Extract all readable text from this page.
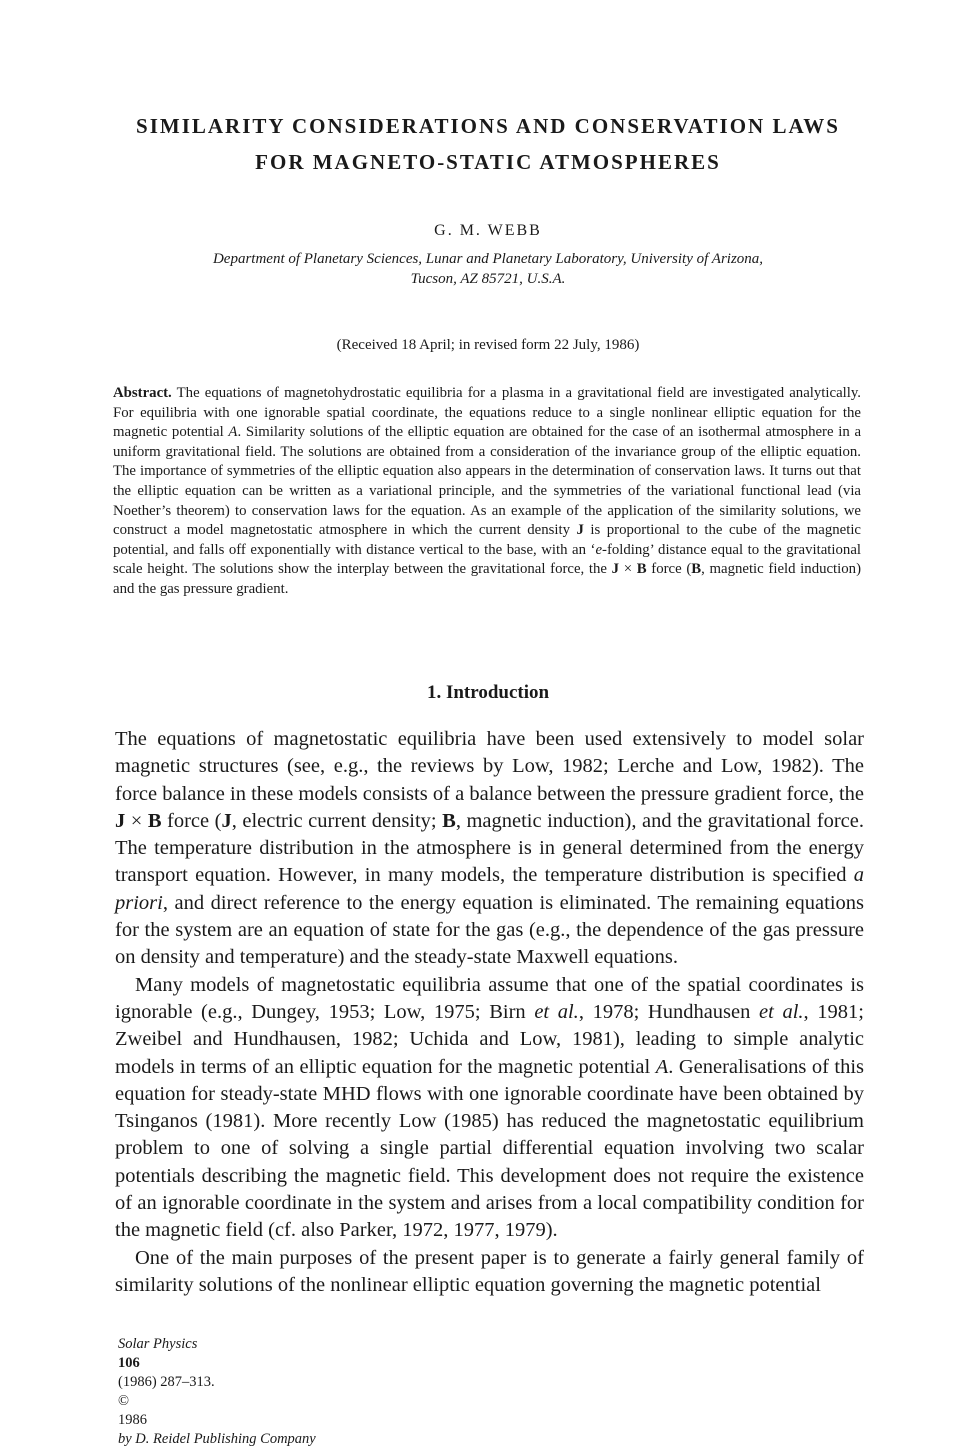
SIMILARITY CONSIDERATIONS AND CONSERVATION LAWS
FOR MAGNETO-STATIC ATMOSPHERES

G. M. WEBB

Department of Planetary Sciences, Lunar and Planetary Laboratory, University of Arizona,
Tucson, AZ 85721, U.S.A.

(Received 18 April; in revised form 22 July, 1986)

Abstract. The equations of magnetohydrostatic equilibria for a plasma in a gravitational field are investigated analytically. For equilibria with one ignorable spatial coordinate, the equations reduce to a single nonlinear elliptic equation for the magnetic potential A. Similarity solutions of the elliptic equation are obtained for the case of an isothermal atmosphere in a uniform gravitational field. The solutions are obtained from a consideration of the invariance group of the elliptic equation. The importance of symmetries of the elliptic equation also appears in the determination of conservation laws. It turns out that the elliptic equation can be written as a variational principle, and the symmetries of the variational functional lead (via Noether’s theorem) to conservation laws for the equation. As an example of the application of the similarity solutions, we construct a model magnetostatic atmosphere in which the current density J is proportional to the cube of the magnetic potential, and falls off exponentially with distance vertical to the base, with an ‘e-folding’ distance equal to the gravitational scale height. The solutions show the interplay between the gravitational force, the J × B force (B, magnetic field induction) and the gas pressure gradient.

1. Introduction

The equations of magnetostatic equilibria have been used extensively to model solar magnetic structures (see, e.g., the reviews by Low, 1982; Lerche and Low, 1982). The force balance in these models consists of a balance between the pressure gradient force, the J × B force (J, electric current density; B, magnetic induction), and the gravitational force. The temperature distribution in the atmosphere is in general determined from the energy transport equation. However, in many models, the temperature distribution is specified a priori, and direct reference to the energy equation is eliminated. The remaining equations for the system are an equation of state for the gas (e.g., the dependence of the gas pressure on density and temperature) and the steady-state Maxwell equations.

Many models of magnetostatic equilibria assume that one of the spatial coordinates is ignorable (e.g., Dungey, 1953; Low, 1975; Birn et al., 1978; Hundhausen et al., 1981; Zweibel and Hundhausen, 1982; Uchida and Low, 1981), leading to simple analytic models in terms of an elliptic equation for the magnetic potential A. Generalisations of this equation for steady-state MHD flows with one ignorable coordinate have been obtained by Tsinganos (1981). More recently Low (1985) has reduced the magnetostatic equilibrium problem to one of solving a single partial differential equation involving two scalar potentials describing the magnetic field. This development does not require the existence of an ignorable coordinate in the system and arises from a local compatibility condition for the magnetic field (cf. also Parker, 1972, 1977, 1979).

One of the main purposes of the present paper is to generate a fairly general family of similarity solutions of the nonlinear elliptic equation governing the magnetic potential

Solar Physics
106
(1986) 287–313.
©
1986
by D. Reidel Publishing Company
